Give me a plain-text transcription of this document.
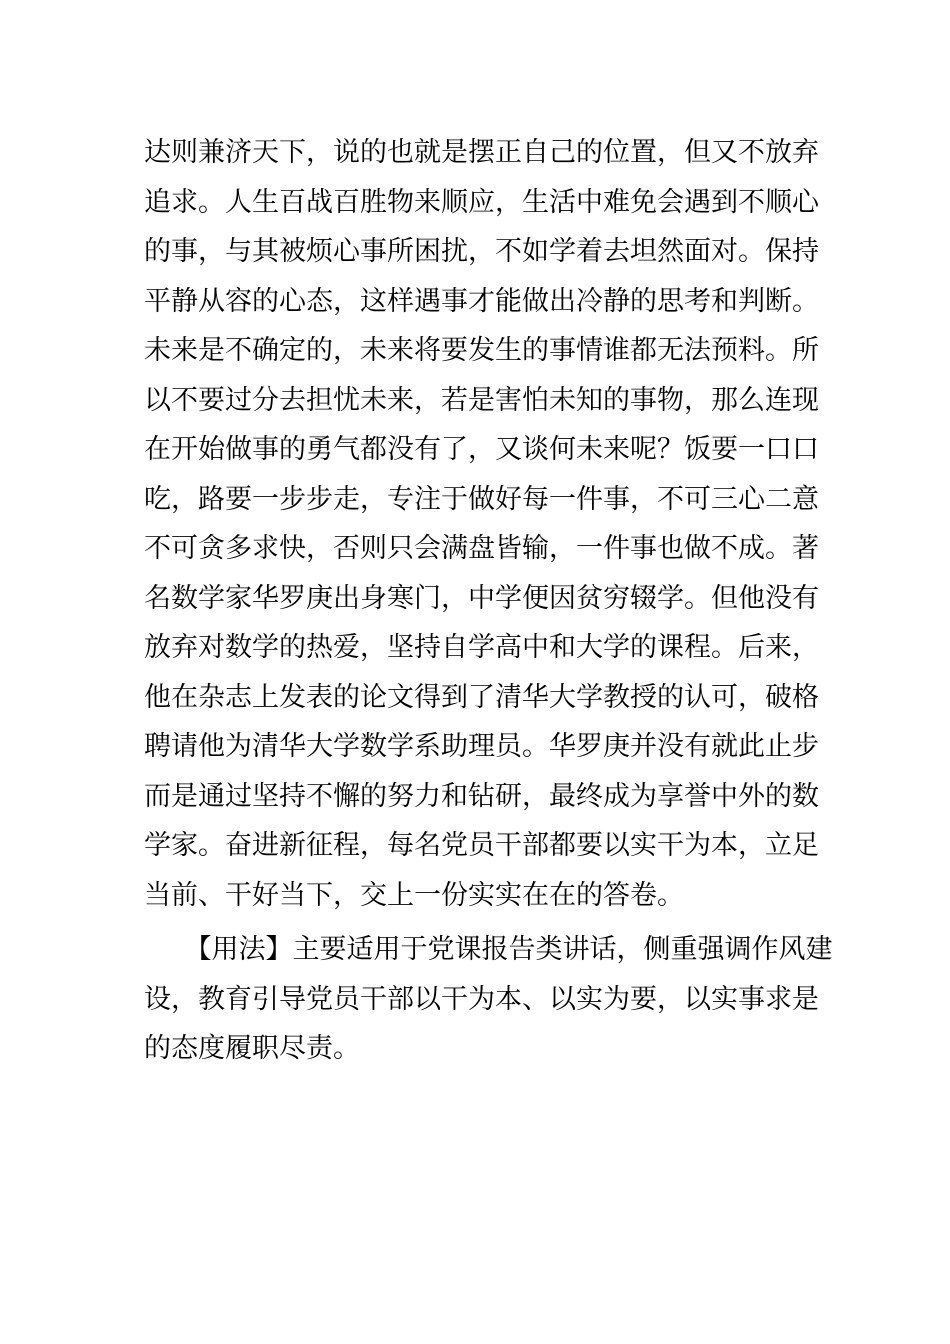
达则兼济天下，说的也就是摆正自己的位置，但又不放弃
追求。人生百战百胜物来顺应，生活中难免会遇到不顺心
的事，与其被烦心事所困扰，不如学着去坦然面对。保持
平静从容的心态，这样遇事才能做出冷静的思考和判断。
未来是不确定的，未来将要发生的事情谁都无法预料。所
以不要过分去担忧未来，若是害怕未知的事物，那么连现
在开始做事的勇气都没有了，又谈何未来呢？饭要一口口
吃，路要一步步走，专注于做好每一件事，不可三心二意
不可贪多求快，否则只会满盘皆输，一件事也做不成。著
名数学家华罗庚出身寒门，中学便因贫穷辍学。但他没有
放弃对数学的热爱，坚持自学高中和大学的课程。后来，
他在杂志上发表的论文得到了清华大学教授的认可，破格
聘请他为清华大学数学系助理员。华罗庚并没有就此止步
而是通过坚持不懈的努力和钻研，最终成为享誉中外的数
学家。奋进新征程，每名党员干部都要以实干为本，立足
当前、干好当下，交上一份实实在在的答卷。
　　【用法】主要适用于党课报告类讲话，侧重强调作风建
设，教育引导党员干部以干为本、以实为要，以实事求是
的态度履职尽责。
